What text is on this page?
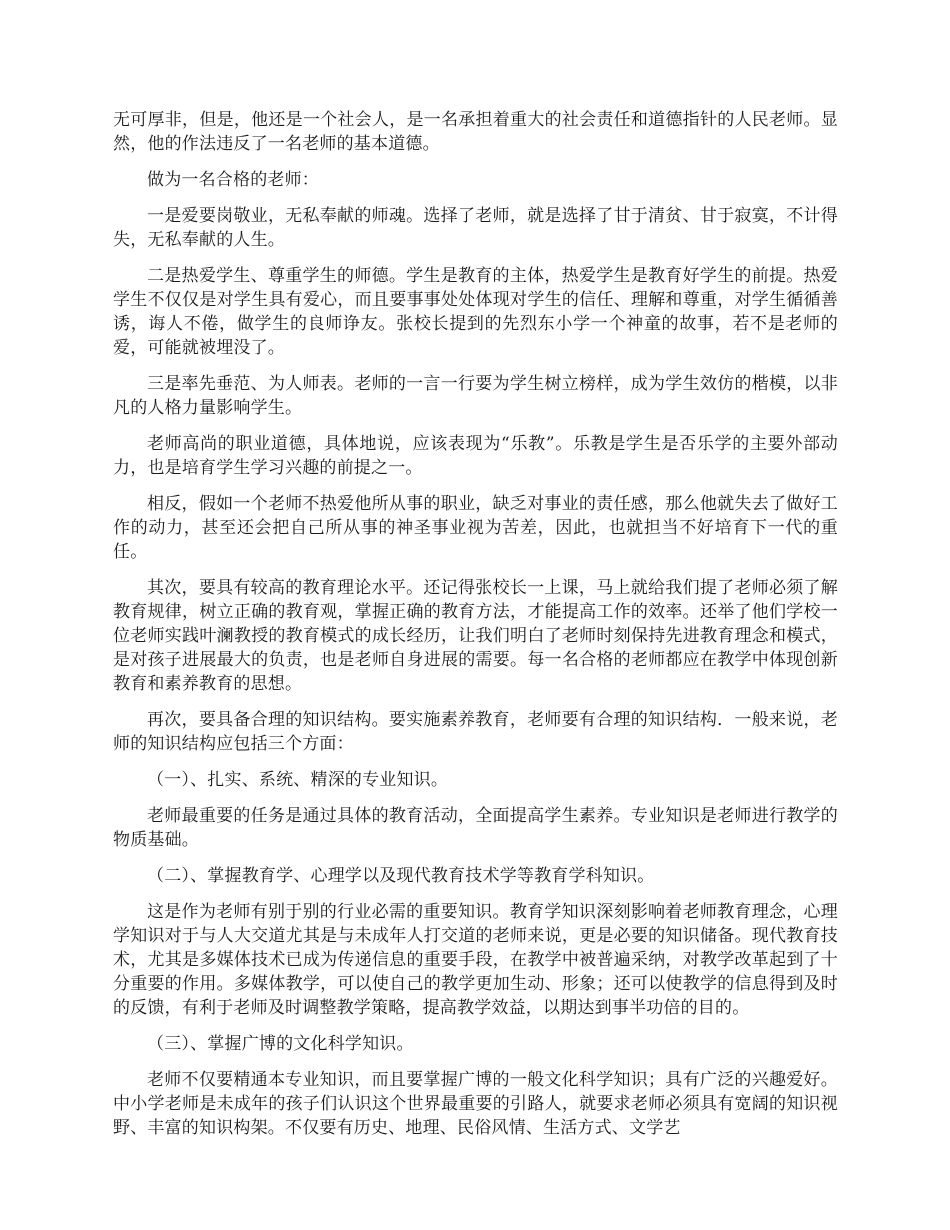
无可厚非，但是，他还是一个社会人，是一名承担着重大的社会责任和道德指针的人民老师。显然，他的作法违反了一名老师的基本道德。

做为一名合格的老师：

一是爱要岗敬业，无私奉献的师魂。选择了老师，就是选择了甘于清贫、甘于寂寞，不计得失，无私奉献的人生。

二是热爱学生、尊重学生的师德。学生是教育的主体，热爱学生是教育好学生的前提。热爱学生不仅仅是对学生具有爱心，而且要事事处处体现对学生的信任、理解和尊重，对学生循循善诱，诲人不倦，做学生的良师诤友。张校长提到的先烈东小学一个神童的故事，若不是老师的爱，可能就被埋没了。

三是率先垂范、为人师表。老师的一言一行要为学生树立榜样，成为学生效仿的楷模，以非凡的人格力量影响学生。

老师高尚的职业道德，具体地说，应该表现为“乐教”。乐教是学生是否乐学的主要外部动力，也是培育学生学习兴趣的前提之一。

相反，假如一个老师不热爱他所从事的职业，缺乏对事业的责任感，那么他就失去了做好工作的动力，甚至还会把自己所从事的神圣事业视为苦差，因此，也就担当不好培育下一代的重任。

其次，要具有较高的教育理论水平。还记得张校长一上课，马上就给我们提了老师必须了解教育规律，树立正确的教育观，掌握正确的教育方法，才能提高工作的效率。还举了他们学校一位老师实践叶澜教授的教育模式的成长经历，让我们明白了老师时刻保持先进教育理念和模式，是对孩子进展最大的负责，也是老师自身进展的需要。每一名合格的老师都应在教学中体现创新教育和素养教育的思想。

再次，要具备合理的知识结构。要实施素养教育，老师要有合理的知识结构．一般来说，老师的知识结构应包括三个方面：

（一）、扎实、系统、精深的专业知识。

老师最重要的任务是通过具体的教育活动，全面提高学生素养。专业知识是老师进行教学的物质基础。

（二）、掌握教育学、心理学以及现代教育技术学等教育学科知识。

这是作为老师有别于别的行业必需的重要知识。教育学知识深刻影响着老师教育理念，心理学知识对于与人大交道尤其是与未成年人打交道的老师来说，更是必要的知识储备。现代教育技术，尤其是多媒体技术已成为传递信息的重要手段，在教学中被普遍采纳，对教学改革起到了十分重要的作用。多媒体教学，可以使自己的教学更加生动、形象；还可以使教学的信息得到及时的反馈，有利于老师及时调整教学策略，提高教学效益，以期达到事半功倍的目的。

（三）、掌握广博的文化科学知识。

老师不仅要精通本专业知识，而且要掌握广博的一般文化科学知识；具有广泛的兴趣爱好。中小学老师是未成年的孩子们认识这个世界最重要的引路人，就要求老师必须具有宽阔的知识视野、丰富的知识构架。不仅要有历史、地理、民俗风情、生活方式、文学艺
